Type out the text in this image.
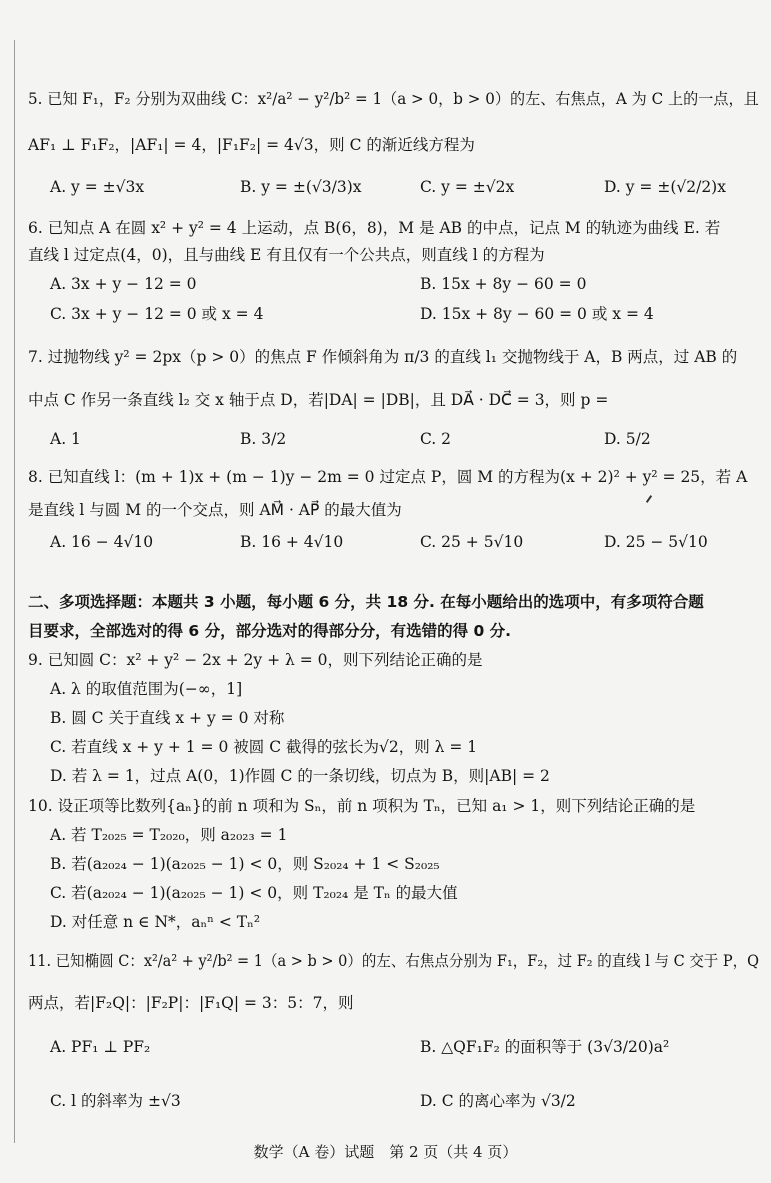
5. 已知 F₁，F₂ 分别为双曲线 C：x²/a² − y²/b² = 1（a > 0，b > 0）的左、右焦点，A 为 C 上的一点，且
AF₁ ⊥ F₁F₂，|AF₁| = 4，|F₁F₂| = 4√3，则 C 的渐近线方程为
A. y = ±√3x	B. y = ±(√3/3)x	C. y = ±√2x	D. y = ±(√2/2)x
6. 已知点 A 在圆 x² + y² = 4 上运动，点 B(6，8)，M 是 AB 的中点，记点 M 的轨迹为曲线 E. 若
直线 l 过定点(4，0)，且与曲线 E 有且仅有一个公共点，则直线 l 的方程为
A. 3x + y − 12 = 0	B. 15x + 8y − 60 = 0
C. 3x + y − 12 = 0 或 x = 4	D. 15x + 8y − 60 = 0 或 x = 4
7. 过抛物线 y² = 2px（p > 0）的焦点 F 作倾斜角为 π/3 的直线 l₁ 交抛物线于 A，B 两点，过 AB 的
中点 C 作另一条直线 l₂ 交 x 轴于点 D，若|DA| = |DB|，且 DA⃗ · DC⃗ = 3，则 p =
A. 1	B. 3/2	C. 2	D. 5/2
8. 已知直线 l：(m + 1)x + (m − 1)y − 2m = 0 过定点 P，圆 M 的方程为(x + 2)² + y² = 25，若 A
是直线 l 与圆 M 的一个交点，则 AM⃗ · AP⃗ 的最大值为
A. 16 − 4√10	B. 16 + 4√10	C. 25 + 5√10	D. 25 − 5√10
二、多项选择题：本题共 3 小题，每小题 6 分，共 18 分. 在每小题给出的选项中，有多项符合题
目要求，全部选对的得 6 分，部分选对的得部分分，有选错的得 0 分.
9. 已知圆 C：x² + y² − 2x + 2y + λ = 0，则下列结论正确的是
A. λ 的取值范围为(−∞，1]
B. 圆 C 关于直线 x + y = 0 对称
C. 若直线 x + y + 1 = 0 被圆 C 截得的弦长为√2，则 λ = 1
D. 若 λ = 1，过点 A(0，1)作圆 C 的一条切线，切点为 B，则|AB| = 2
10. 设正项等比数列{aₙ}的前 n 项和为 Sₙ，前 n 项积为 Tₙ，已知 a₁ > 1，则下列结论正确的是
A. 若 T₂₀₂₅ = T₂₀₂₀，则 a₂₀₂₃ = 1
B. 若(a₂₀₂₄ − 1)(a₂₀₂₅ − 1) < 0，则 S₂₀₂₄ + 1 < S₂₀₂₅
C. 若(a₂₀₂₄ − 1)(a₂₀₂₅ − 1) < 0，则 T₂₀₂₄ 是 Tₙ 的最大值
D. 对任意 n ∈ N*，aₙⁿ < Tₙ²
11. 已知椭圆 C：x²/a² + y²/b² = 1（a > b > 0）的左、右焦点分别为 F₁，F₂，过 F₂ 的直线 l 与 C 交于 P，Q
两点，若|F₂Q|：|F₂P|：|F₁Q| = 3：5：7，则
A. PF₁ ⊥ PF₂	B. △QF₁F₂ 的面积等于 (3√3/20)a²
C. l 的斜率为 ±√3	D. C 的离心率为 √3/2
数学（A 卷）试题　第 2 页（共 4 页）
